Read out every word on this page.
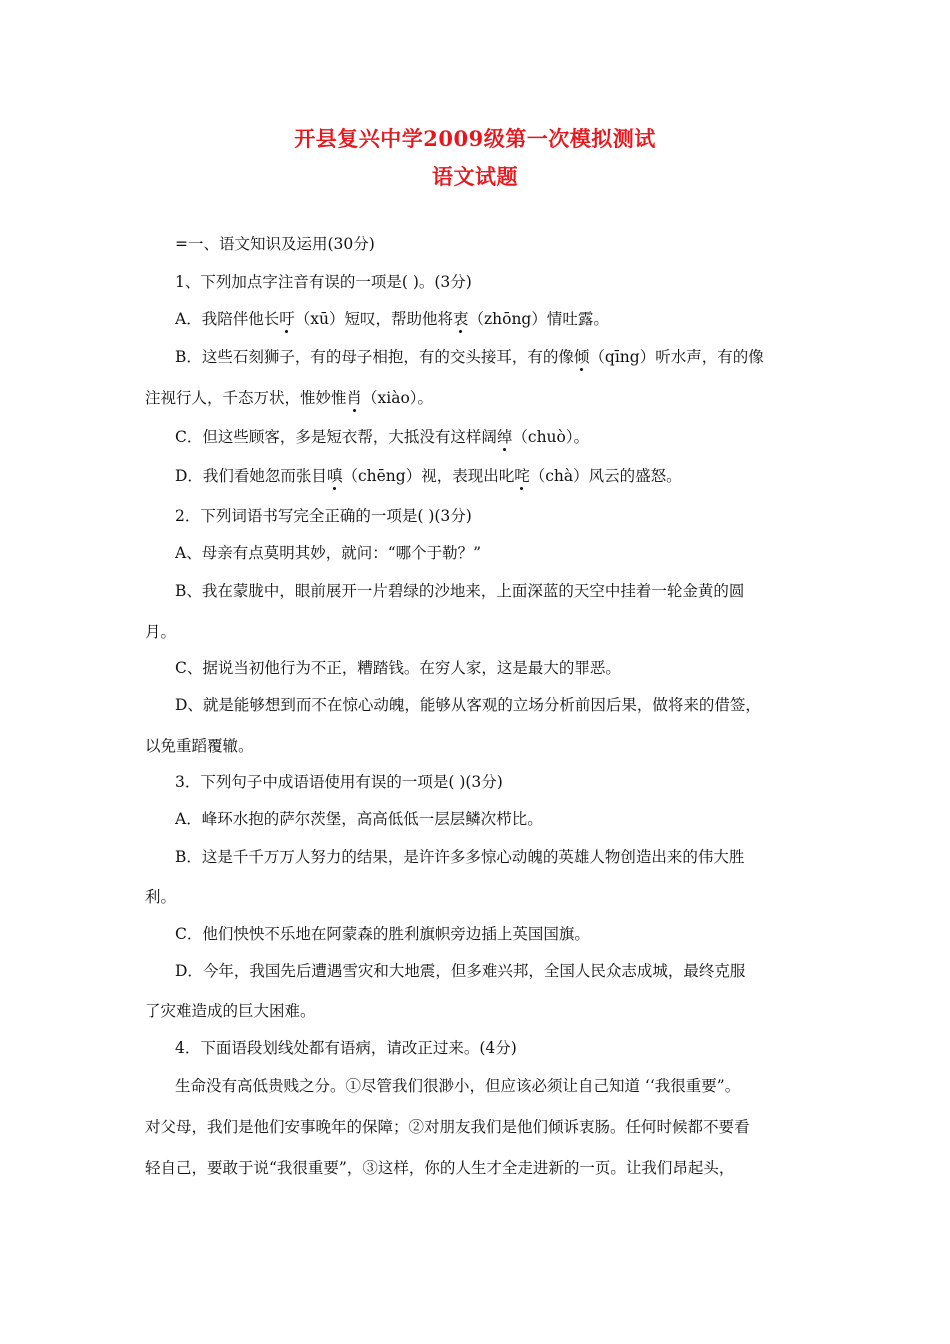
开县复兴中学2009级第一次模拟测试
语文试题
=一、语文知识及运用(30分)
1、下列加点字注音有误的一项是( )。(3分)
A．我陪伴他长吁（xū）短叹，帮助他将衷（zhōng）情吐露。
B．这些石刻狮子，有的母子相抱，有的交头接耳，有的像倾（qīng）听水声，有的像
注视行人，千态万状，惟妙惟肖（xiào）。
C．但这些顾客，多是短衣帮，大抵没有这样阔绰（chuò）。
D．我们看她忽而张目嗔（chēng）视，表现出叱咤（chà）风云的盛怒。
2．下列词语书写完全正确的一项是( )(3分)
A、母亲有点莫明其妙，就问：“哪个于勒？”
B、我在蒙胧中，眼前展开一片碧绿的沙地来，上面深蓝的天空中挂着一轮金黄的圆
月。
C、据说当初他行为不正，糟踏钱。在穷人家，这是最大的罪恶。
D、就是能够想到而不在惊心动魄，能够从客观的立场分析前因后果，做将来的借签，
以免重蹈覆辙。
3．下列句子中成语语使用有误的一项是( )(3分)
A．峰环水抱的萨尔茨堡，高高低低一层层鳞次栉比。
B．这是千千万万人努力的结果，是许许多多惊心动魄的英雄人物创造出来的伟大胜
利。
C．他们怏怏不乐地在阿蒙森的胜利旗帜旁边插上英国国旗。
D．今年，我国先后遭遇雪灾和大地震，但多难兴邦，全国人民众志成城，最终克服
了灾难造成的巨大困难。
4．下面语段划线处都有语病，请改正过来。(4分)
生命没有高低贵贱之分。①尽管我们很渺小，但应该必须让自己知道 ‘‘我很重要”。
对父母，我们是他们安事晚年的保障；②对朋友我们是他们倾诉衷肠。任何时候都不要看
轻自己，要敢于说“我很重要”，③这样，你的人生才全走进新的一页。让我们昂起头，
